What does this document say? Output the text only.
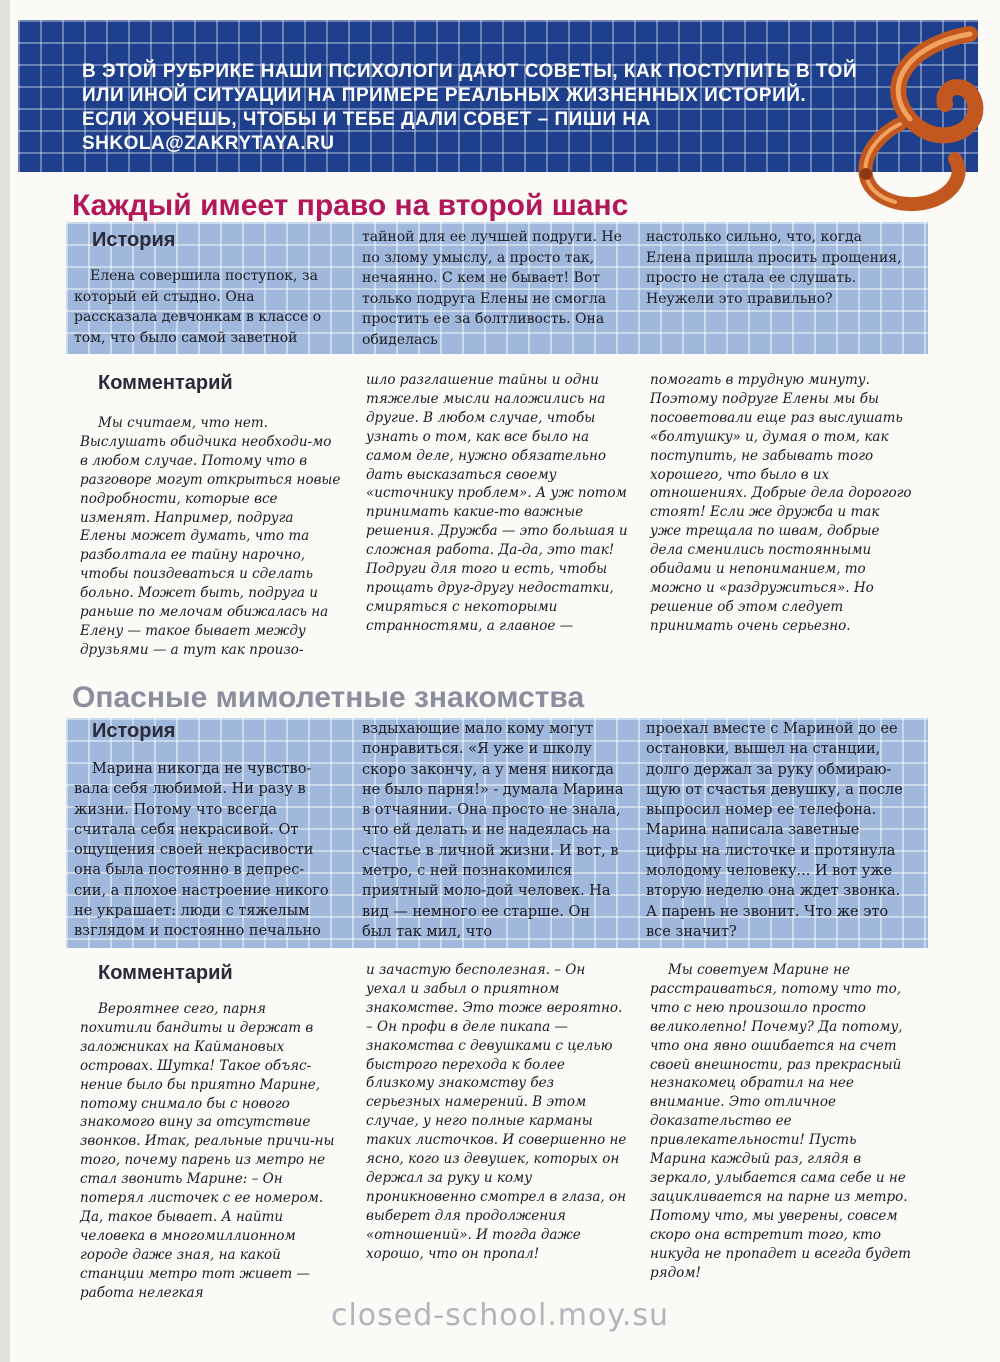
В ЭТОЙ РУБРИКЕ НАШИ ПСИХОЛОГИ ДАЮТ СОВЕТЫ, КАК ПОСТУПИТЬ В ТОЙ ИЛИ ИНОЙ СИТУАЦИИ НА ПРИМЕРЕ РЕАЛЬНЫХ ЖИЗНЕННЫХ ИСТОРИЙ. ЕСЛИ ХОЧЕШЬ, ЧТОБЫ И ТЕБЕ ДАЛИ СОВЕТ – ПИШИ НА SHKOLA@ZAKRYTAYA.RU

Каждый имеет право на второй шанс
История

Елена совершила поступок, за который ей стыдно. Она рассказала девчонкам в классе о том, что было самой заветной

тайной для ее лучшей подруги. Не по злому умыслу, а просто так, нечаянно. С кем не бывает! Вот только подруга Елены не смогла простить ее за болтливость. Она обиделась

настолько сильно, что, когда Елена пришла просить прощения, просто не стала ее слушать. Неужели это правильно?

Комментарий

Мы считаем, что нет. Выслушать обидчика необходи-мо в любом случае. Потому что в разговоре могут открыться новые подробности, которые все изменят. Например, подруга Елены может думать, что та разболтала ее тайну нарочно, чтобы поиздеваться и сделать больно. Может быть, подруга и раньше по мелочам обижалась на Елену — такое бывает между друзьями — а тут как произо-

шло разглашение тайны и одни тяжелые мысли наложились на другие. В любом случае, чтобы узнать о том, как все было на самом деле, нужно обязательно дать высказаться своему «источнику проблем». А уж потом принимать какие-то важные решения. Дружба — это большая и сложная работа. Да-да, это так! Подруги для того и есть, чтобы прощать друг-другу недостатки, смиряться с некоторыми странностями, а главное —

помогать в трудную минуту. Поэтому подруге Елены мы бы посоветовали еще раз выслушать «болтушку» и, думая о том, как поступить, не забывать того хорошего, что было в их отношениях. Добрые дела дорогого стоят! Если же дружба и так уже трещала по швам, добрые дела сменились постоянными обидами и непониманием, то можно и «раздружиться». Но решение об этом следует принимать очень серьезно.

Опасные мимолетные знакомства
История

Марина никогда не чувство-вала себя любимой. Ни разу в жизни. Потому что всегда считала себя некрасивой. От ощущения своей некрасивости она была постоянно в депрес-сии, а плохое настроение никого не украшает: люди с тяжелым взглядом и постоянно печально

вздыхающие мало кому могут понравиться. «Я уже и школу скоро закончу, а у меня никогда не было парня!» - думала Марина в отчаянии. Она просто не знала, что ей делать и не надеялась на счастье в личной жизни. И вот, в метро, с ней познакомился приятный моло-дой человек. На вид — немного ее старше. Он был так мил, что

проехал вместе с Мариной до ее остановки, вышел на станции, долго держал за руку обмираю-щую от счастья девушку, а после выпросил номер ее телефона. Марина написала заветные цифры на листочке и протянула молодому человеку... И вот уже вторую неделю она ждет звонка. А парень не звонит. Что же это все значит?

Комментарий

Вероятнее сего, парня похитили бандиты и держат в заложниках на Каймановых островах. Шутка! Такое объяс-нение было бы приятно Марине, потому снимало бы с нового знакомого вину за отсутствие звонков. Итак, реальные причи-ны того, почему парень из метро не стал звонить Марине: – Он потерял листочек с ее номером. Да, такое бывает. А найти человека в многомиллионном городе даже зная, на какой станции метро тот живет — работа нелегкая

и зачастую бесполезная. – Он уехал и забыл о приятном знакомстве. Это тоже вероятно. – Он профи в деле пикапа — знакомства с девушками с целью быстрого перехода к более близкому знакомству без серьезных намерений. В этом случае, у него полные карманы таких листочков. И совершенно не ясно, кого из девушек, которых он держал за руку и кому проникновенно смотрел в глаза, он выберет для продолжения «отношений». И тогда даже хорошо, что он пропал!

Мы советуем Марине не расстраиваться, потому что то, что с нею произошло просто великолепно! Почему? Да потому, что она явно ошибается на счет своей внешности, раз прекрасный незнакомец обратил на нее внимание. Это отличное доказательство ее привлекательности! Пусть Марина каждый раз, глядя в зеркало, улыбается сама себе и не зацикливается на парне из метро. Потому что, мы уверены, совсем скоро она встретит того, кто никуда не пропадет и всегда будет рядом!

closed-school.moy.su
